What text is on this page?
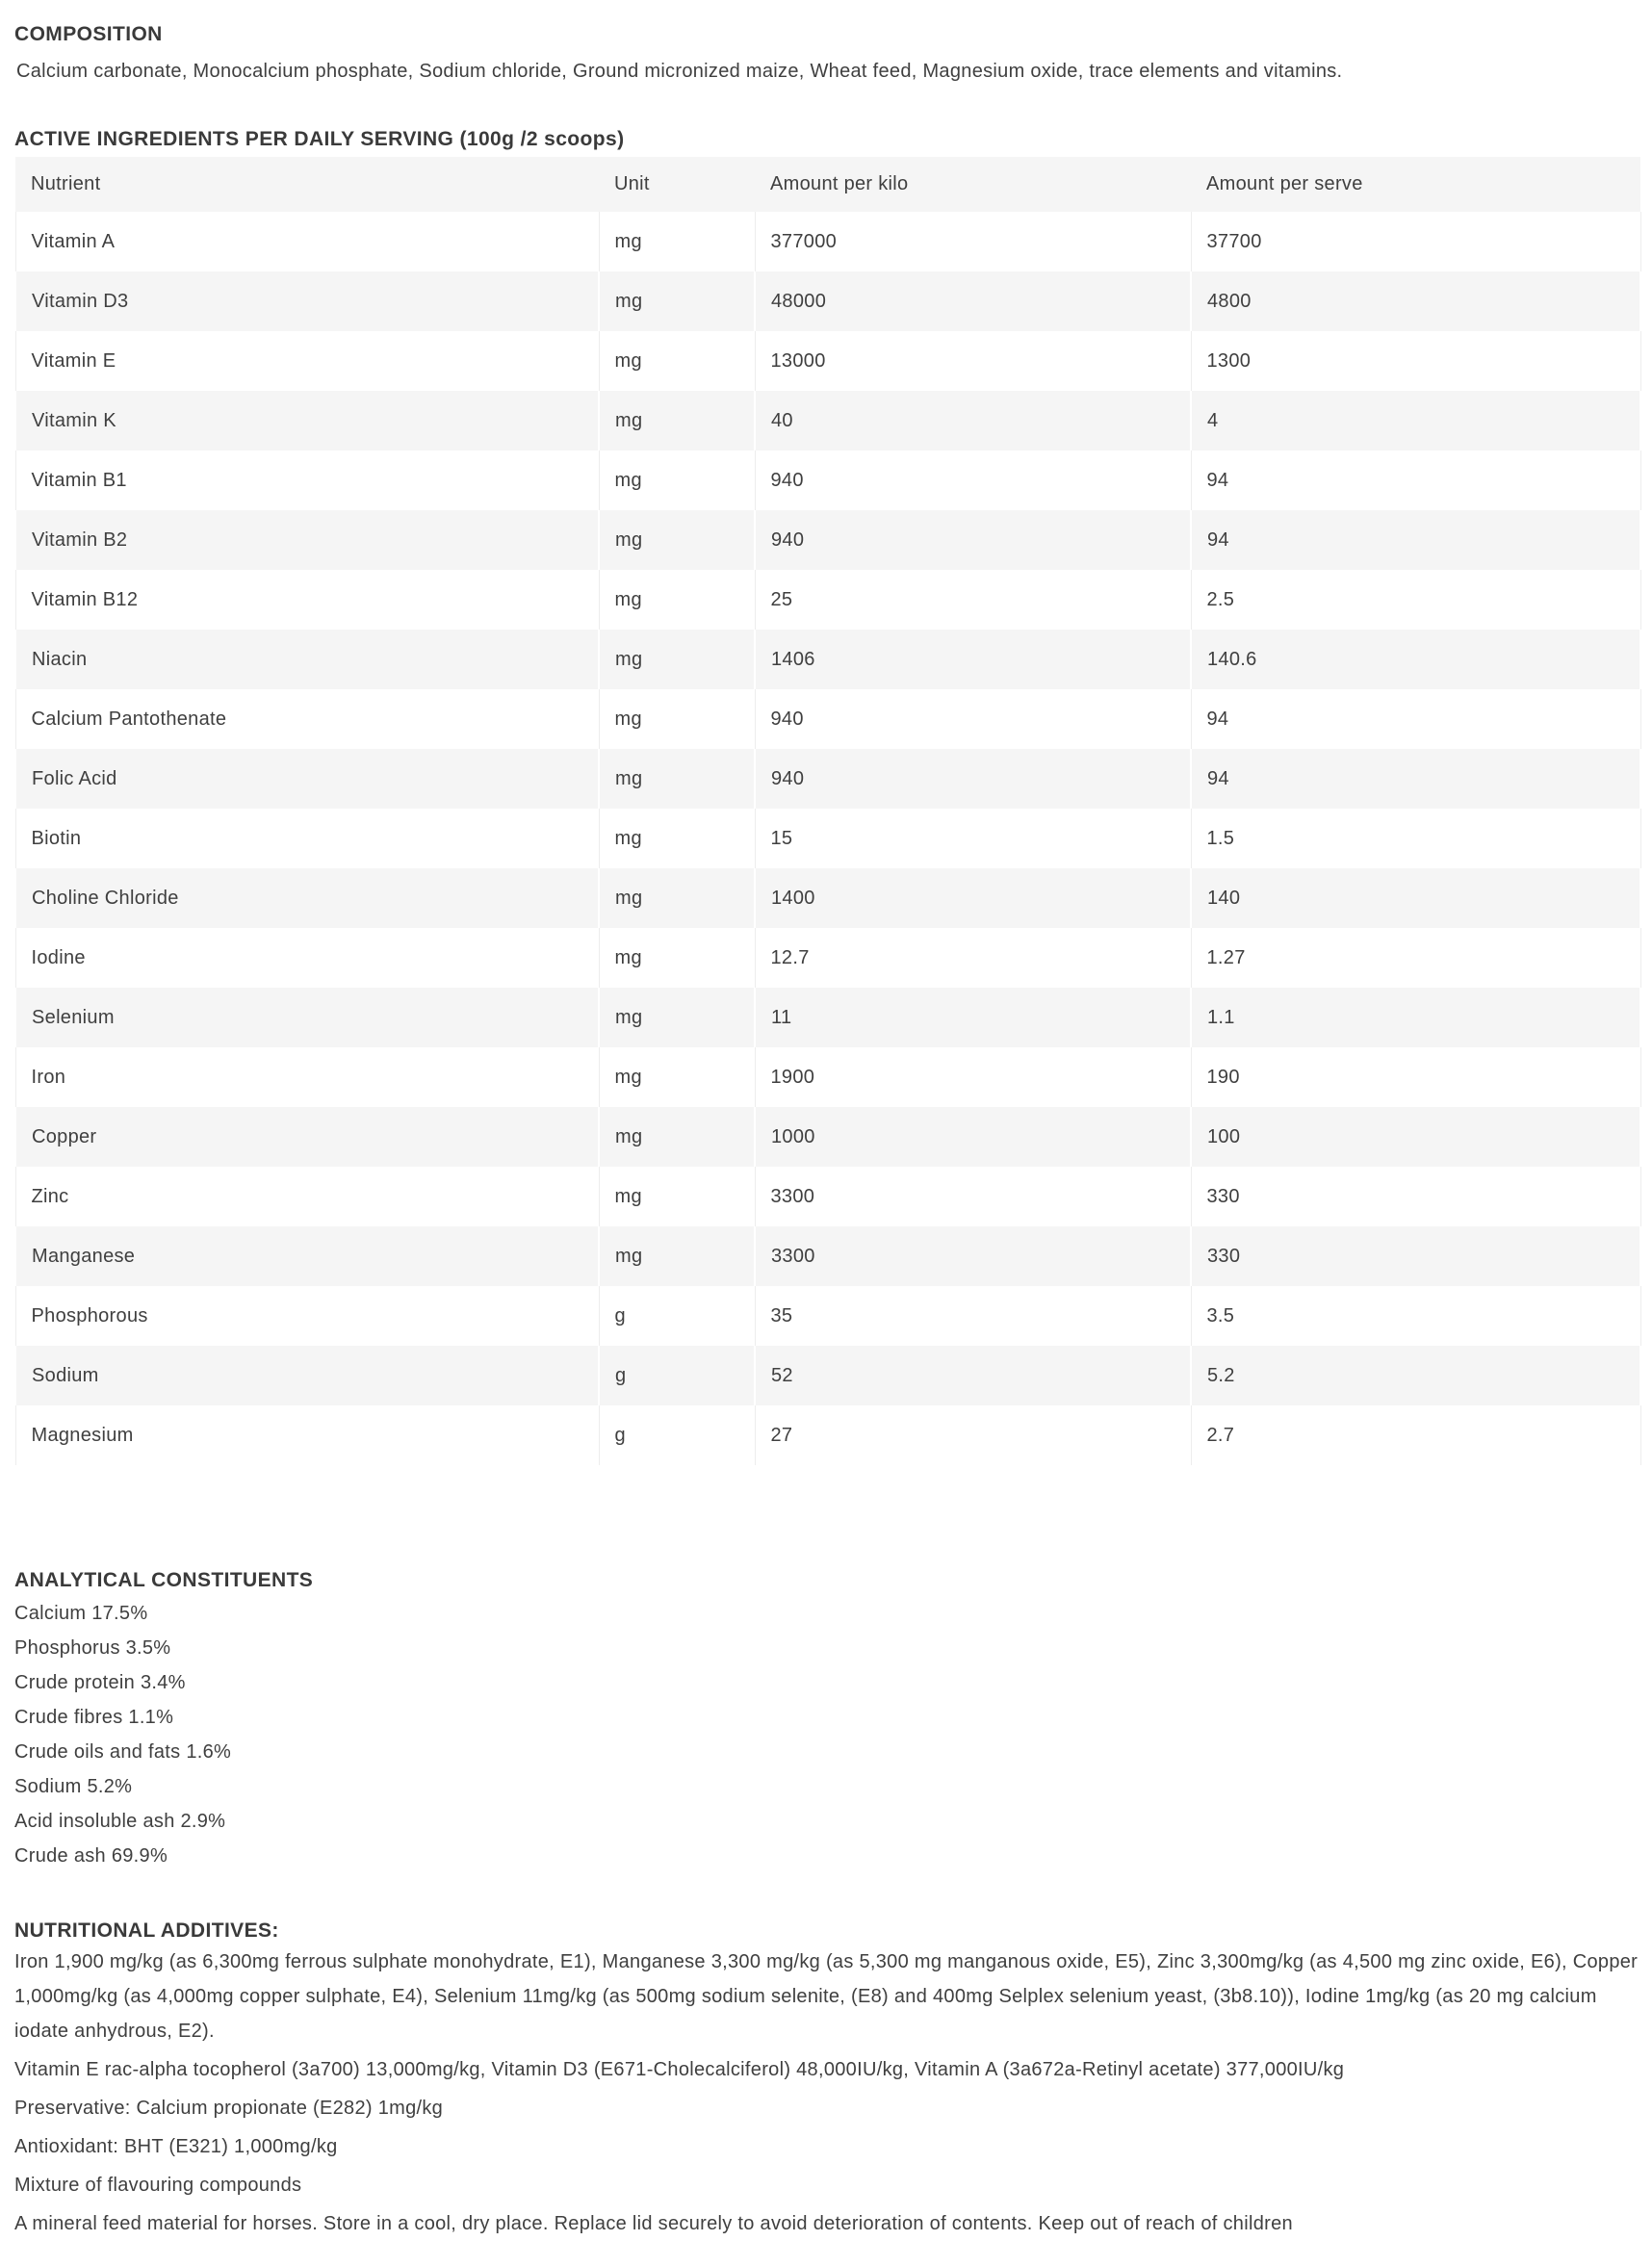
COMPOSITION
Calcium carbonate, Monocalcium phosphate, Sodium chloride, Ground micronized maize, Wheat feed, Magnesium oxide, trace elements and vitamins.
ACTIVE INGREDIENTS PER DAILY SERVING (100g /2 scoops)
Nutrient	Unit	Amount per kilo	Amount per serve
Vitamin A	mg	377000	37700
Vitamin D3	mg	48000	4800
Vitamin E	mg	13000	1300
Vitamin K	mg	40	4
Vitamin B1	mg	940	94
Vitamin B2	mg	940	94
Vitamin B12	mg	25	2.5
Niacin	mg	1406	140.6
Calcium Pantothenate	mg	940	94
Folic Acid	mg	940	94
Biotin	mg	15	1.5
Choline Chloride	mg	1400	140
Iodine	mg	12.7	1.27
Selenium	mg	11	1.1
Iron	mg	1900	190
Copper	mg	1000	100
Zinc	mg	3300	330
Manganese	mg	3300	330
Phosphorous	g	35	3.5
Sodium	g	52	5.2
Magnesium	g	27	2.7
ANALYTICAL CONSTITUENTS
Calcium 17.5%
Phosphorus 3.5%
Crude protein 3.4%
Crude fibres 1.1%
Crude oils and fats 1.6%
Sodium 5.2%
Acid insoluble ash 2.9%
Crude ash 69.9%
NUTRITIONAL ADDITIVES:

Iron 1,900 mg/kg (as 6,300mg ferrous sulphate monohydrate, E1), Manganese 3,300 mg/kg (as 5,300 mg manganous oxide, E5), Zinc 3,300mg/kg (as 4,500 mg zinc oxide, E6), Copper 1,000mg/kg (as 4,000mg copper sulphate, E4), Selenium 11mg/kg (as 500mg sodium selenite, (E8) and 400mg Selplex selenium yeast, (3b8.10)), Iodine 1mg/kg (as 20 mg calcium iodate anhydrous, E2).

Vitamin E rac-alpha tocopherol (3a700) 13,000mg/kg, Vitamin D3 (E671-Cholecalciferol) 48,000IU/kg, Vitamin A (3a672a-Retinyl acetate) 377,000IU/kg

Preservative: Calcium propionate (E282) 1mg/kg

Antioxidant: BHT (E321) 1,000mg/kg

Mixture of flavouring compounds

A mineral feed material for horses. Store in a cool, dry place. Replace lid securely to avoid deterioration of contents. Keep out of reach of children
